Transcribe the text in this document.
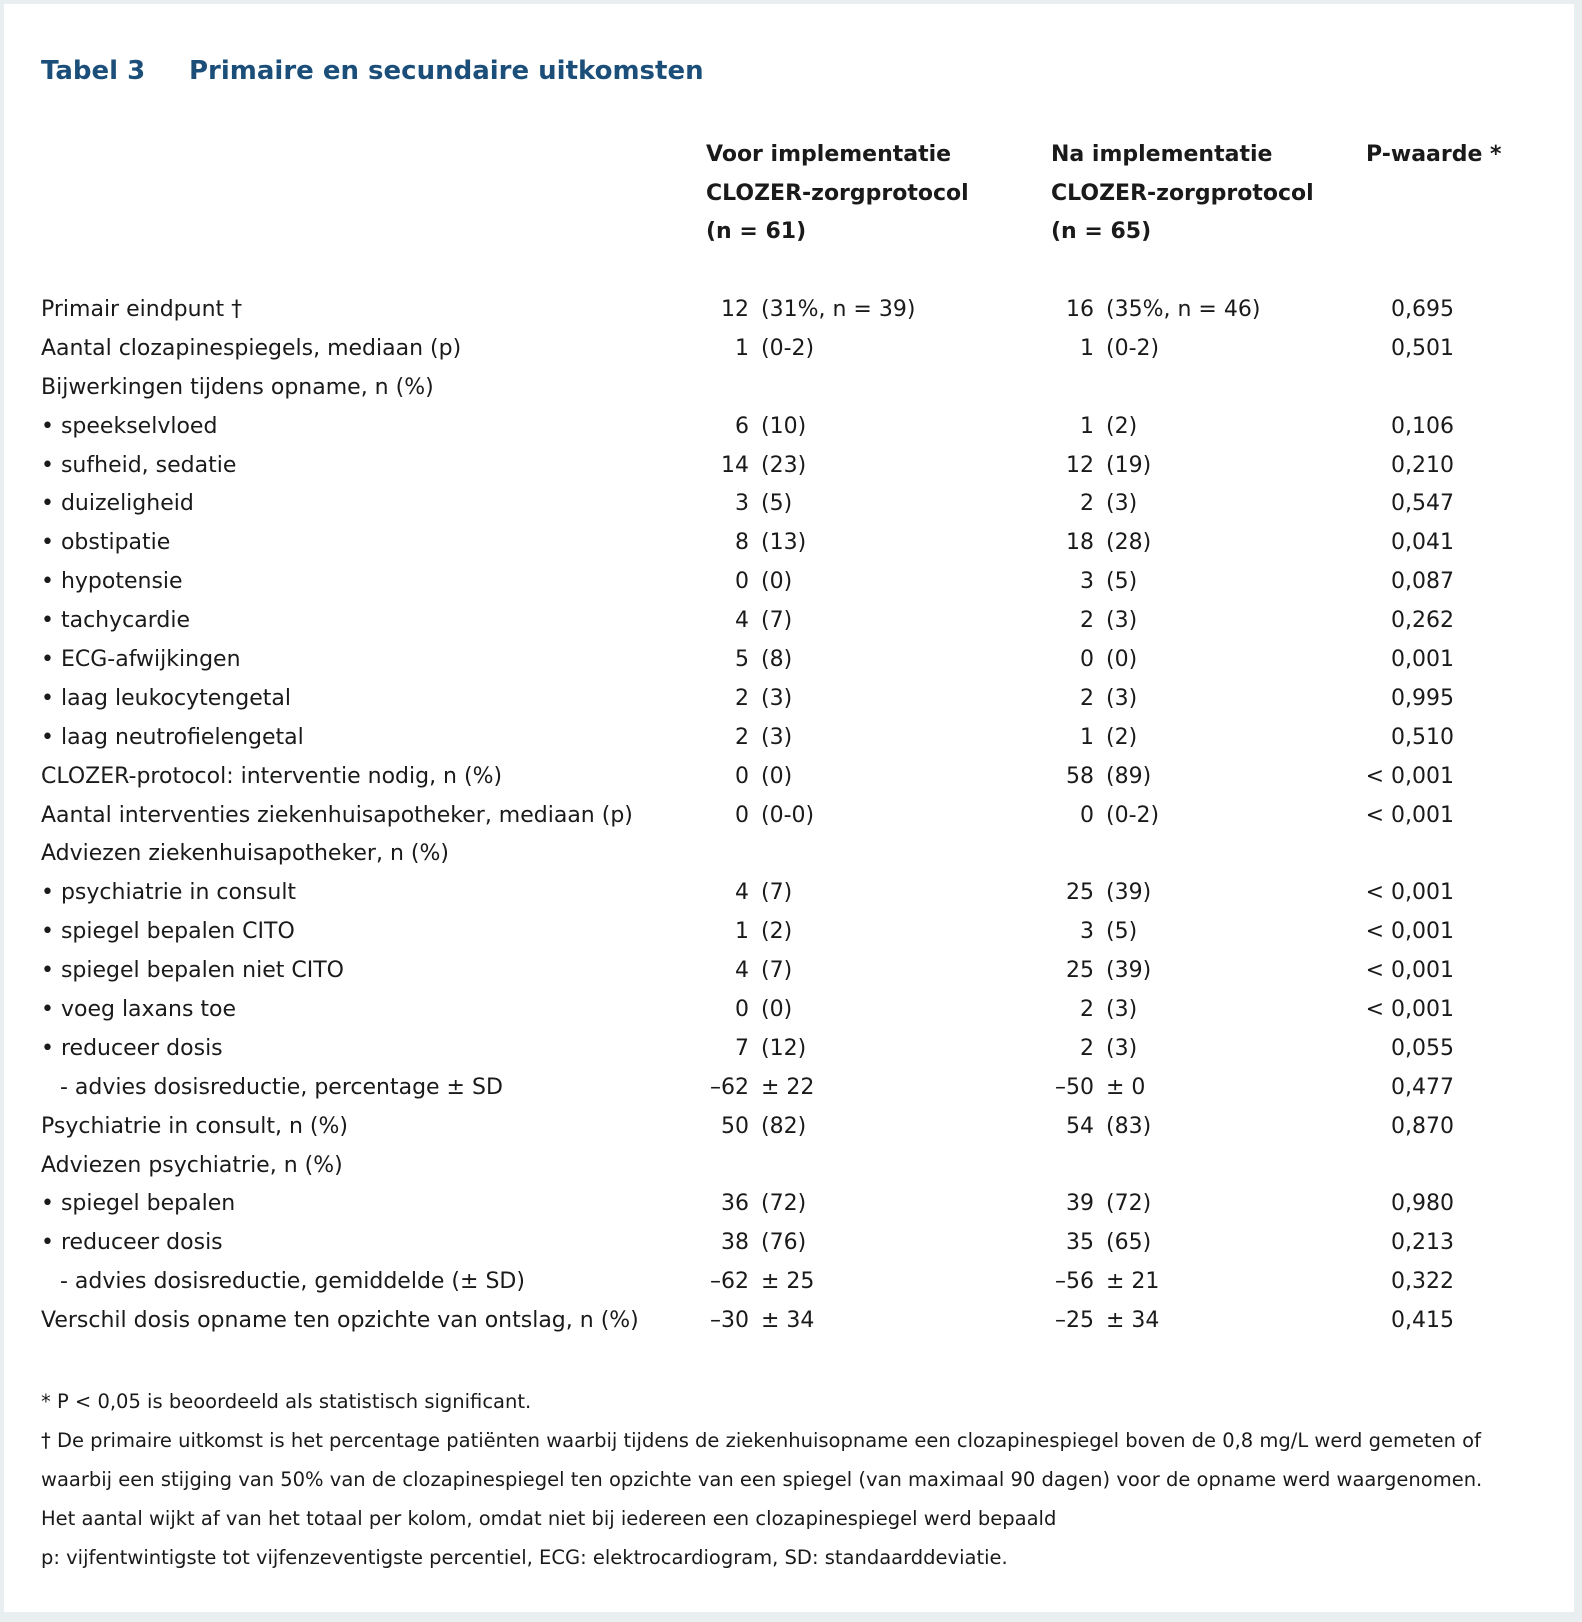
Tabel 3 Primaire en secundaire uitkomsten
Voor implementatie
CLOZER-zorgprotocol
(n = 61)
Na implementatie
CLOZER-zorgprotocol
(n = 65)
P-waarde *
Primair eindpunt †	12 (31%, n = 39)	16 (35%, n = 46)	0,695
Aantal clozapinespiegels, mediaan (p)	1 (0-2)	1 (0-2)	0,501
Bijwerkingen tijdens opname, n (%)
• speekselvloed	6 (10)	1 (2)	0,106
• sufheid, sedatie	14 (23)	12 (19)	0,210
• duizeligheid	3 (5)	2 (3)	0,547
• obstipatie	8 (13)	18 (28)	0,041
• hypotensie	0 (0)	3 (5)	0,087
• tachycardie	4 (7)	2 (3)	0,262
• ECG-afwijkingen	5 (8)	0 (0)	0,001
• laag leukocytengetal	2 (3)	2 (3)	0,995
• laag neutrofielengetal	2 (3)	1 (2)	0,510
CLOZER-protocol: interventie nodig, n (%)	0 (0)	58 (89)	< 0,001
Aantal interventies ziekenhuisapotheker, mediaan (p)	0 (0-0)	0 (0-2)	< 0,001
Adviezen ziekenhuisapotheker, n (%)
• psychiatrie in consult	4 (7)	25 (39)	< 0,001
• spiegel bepalen CITO	1 (2)	3 (5)	< 0,001
• spiegel bepalen niet CITO	4 (7)	25 (39)	< 0,001
• voeg laxans toe	0 (0)	2 (3)	< 0,001
• reduceer dosis	7 (12)	2 (3)	0,055
- advies dosisreductie, percentage ± SD	–62 ± 22	–50 ± 0	0,477
Psychiatrie in consult, n (%)	50 (82)	54 (83)	0,870
Adviezen psychiatrie, n (%)
• spiegel bepalen	36 (72)	39 (72)	0,980
• reduceer dosis	38 (76)	35 (65)	0,213
- advies dosisreductie, gemiddelde (± SD)	–62 ± 25	–56 ± 21	0,322
Verschil dosis opname ten opzichte van ontslag, n (%)	–30 ± 34	–25 ± 34	0,415
* P < 0,05 is beoordeeld als statistisch significant.
† De primaire uitkomst is het percentage patiënten waarbij tijdens de ziekenhuisopname een clozapinespiegel boven de 0,8 mg/L werd gemeten of
waarbij een stijging van 50% van de clozapinespiegel ten opzichte van een spiegel (van maximaal 90 dagen) voor de opname werd waargenomen.
Het aantal wijkt af van het totaal per kolom, omdat niet bij iedereen een clozapinespiegel werd bepaald
p: vijfentwintigste tot vijfenzeventigste percentiel, ECG: elektrocardiogram, SD: standaarddeviatie.
